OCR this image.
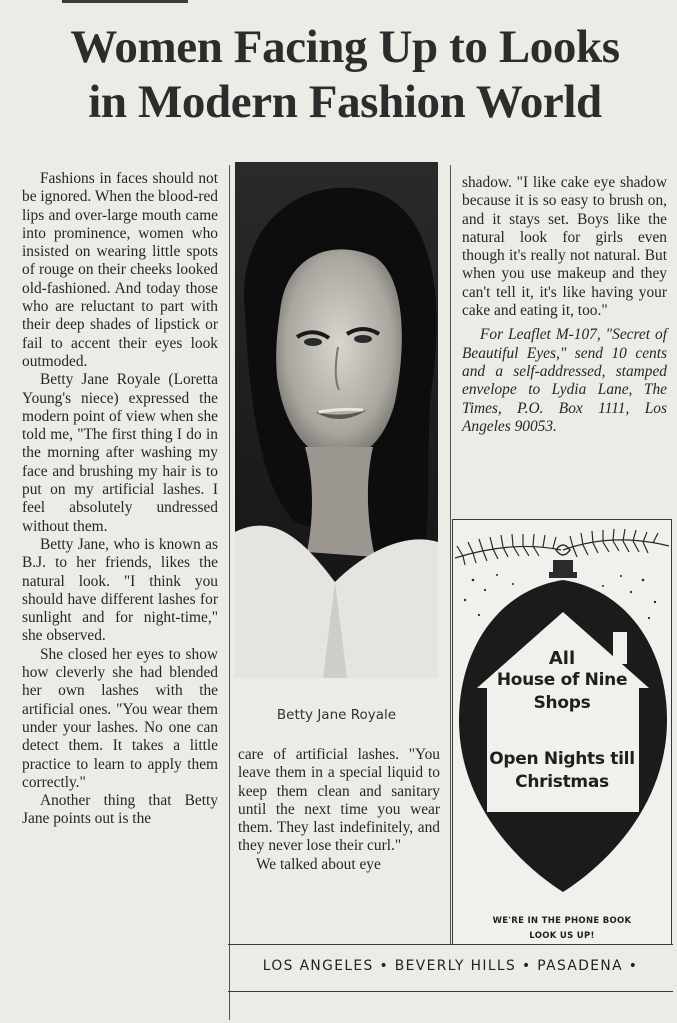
Women Facing Up to Looks
in Modern Fashion World

Fashions in faces should not be ignored. When the blood-red lips and over-large mouth came into prominence, women who insisted on wearing little spots of rouge on their cheeks looked old-fashioned. And today those who are reluctant to part with their deep shades of lipstick or fail to accent their eyes look outmoded.

Betty Jane Royale (Loretta Young's niece) expressed the modern point of view when she told me, "The first thing I do in the morning after washing my face and brushing my hair is to put on my artificial lashes. I feel absolutely undressed without them.

Betty Jane, who is known as B.J. to her friends, likes the natural look. "I think you should have different lashes for sunlight and for night-time," she observed.

She closed her eyes to show how cleverly she had blended her own lashes with the artificial ones. "You wear them under your lashes. No one can detect them. It takes a little practice to learn to apply them correctly."

Another thing that Betty Jane points out is the

Betty Jane Royale

care of artificial lashes. "You leave them in a special liquid to keep them clean and sanitary until the next time you wear them. They last indefinitely, and they never lose their curl."

We talked about eye

shadow. "I like cake eye shadow because it is so easy to brush on, and it stays set. Boys like the natural look for girls even though it's really not natural. But when you use makeup and they can't tell it, it's like having your cake and eating it, too."

For Leaflet M-107, "Secret of Beautiful Eyes," send 10 cents and a self-addressed, stamped envelope to Lydia Lane, The Times, P.O. Box 1111, Los Angeles 90053.

All
House of Nine Shops
Open Nights till Christmas
WE'RE IN THE PHONE BOOK
LOOK US UP!
LOS ANGELES • BEVERLY HILLS • PASADENA •
